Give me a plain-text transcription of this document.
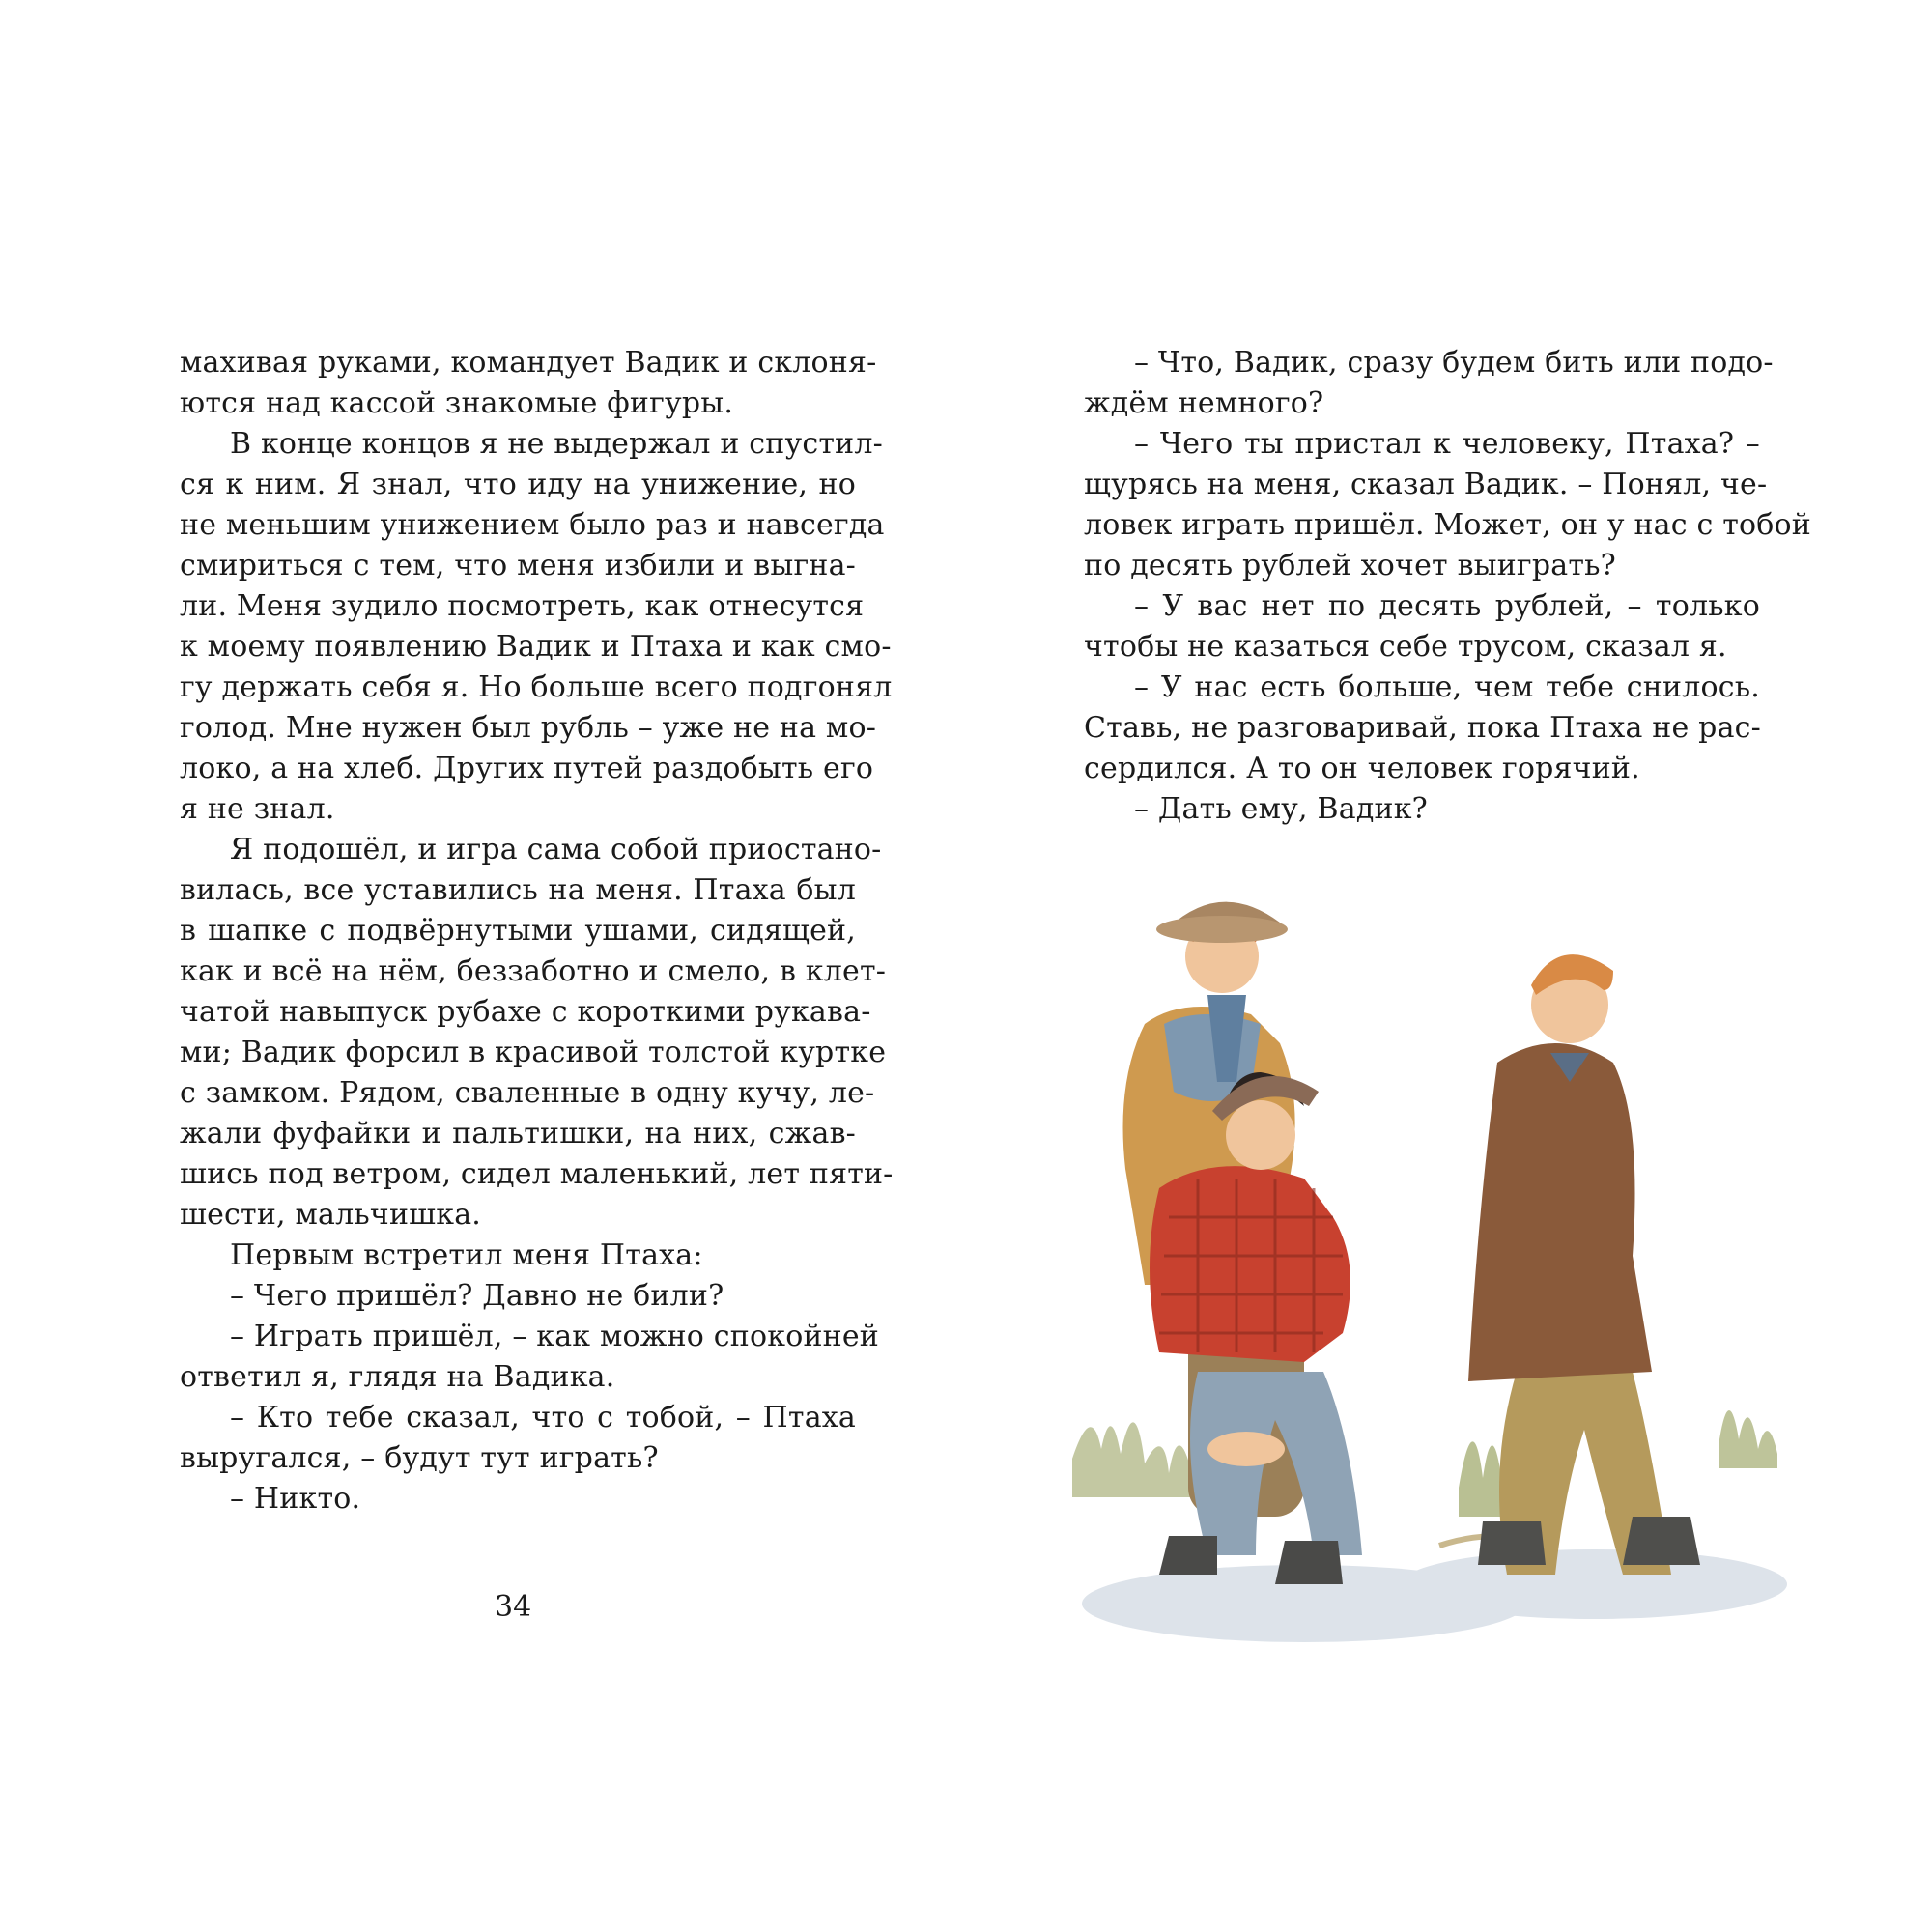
махивая руками, командует Вадик и склоня-
ются над кассой знакомые фигуры.
В конце концов я не выдержал и спустил-
ся к ним. Я знал, что иду на унижение, но
не меньшим унижением было раз и навсегда
смириться с тем, что меня избили и выгна-
ли. Меня зудило посмотреть, как отнесутся
к моему появлению Вадик и Птаха и как смо-
гу держать себя я. Но больше всего подгонял
голод. Мне нужен был рубль – уже не на мо-
локо, а на хлеб. Других путей раздобыть его
я не знал.
Я подошёл, и игра сама собой приостано-
вилась, все уставились на меня. Птаха был
в шапке с подвёрнутыми ушами, сидящей,
как и всё на нём, беззаботно и смело, в клет-
чатой навыпуск рубахе с короткими рукава-
ми; Вадик форсил в красивой толстой куртке
с замком. Рядом, сваленные в одну кучу, ле-
жали фуфайки и пальтишки, на них, сжав-
шись под ветром, сидел маленький, лет пяти-
шести, мальчишка.
Первым встретил меня Птаха:
– Чего пришёл? Давно не били?
– Играть пришёл, – как можно спокойней
ответил я, глядя на Вадика.
– Кто тебе сказал, что с тобой, – Птаха
выругался, – будут тут играть?
– Никто.
34
– Что, Вадик, сразу будем бить или подо-
ждём немного?
– Чего ты пристал к человеку, Птаха? –
щурясь на меня, сказал Вадик. – Понял, че-
ловек играть пришёл. Может, он у нас с тобой
по десять рублей хочет выиграть?
– У вас нет по десять рублей, – только
чтобы не казаться себе трусом, сказал я.
– У нас есть больше, чем тебе снилось.
Ставь, не разговаривай, пока Птаха не рас-
сердился. А то он человек горячий.
– Дать ему, Вадик?
